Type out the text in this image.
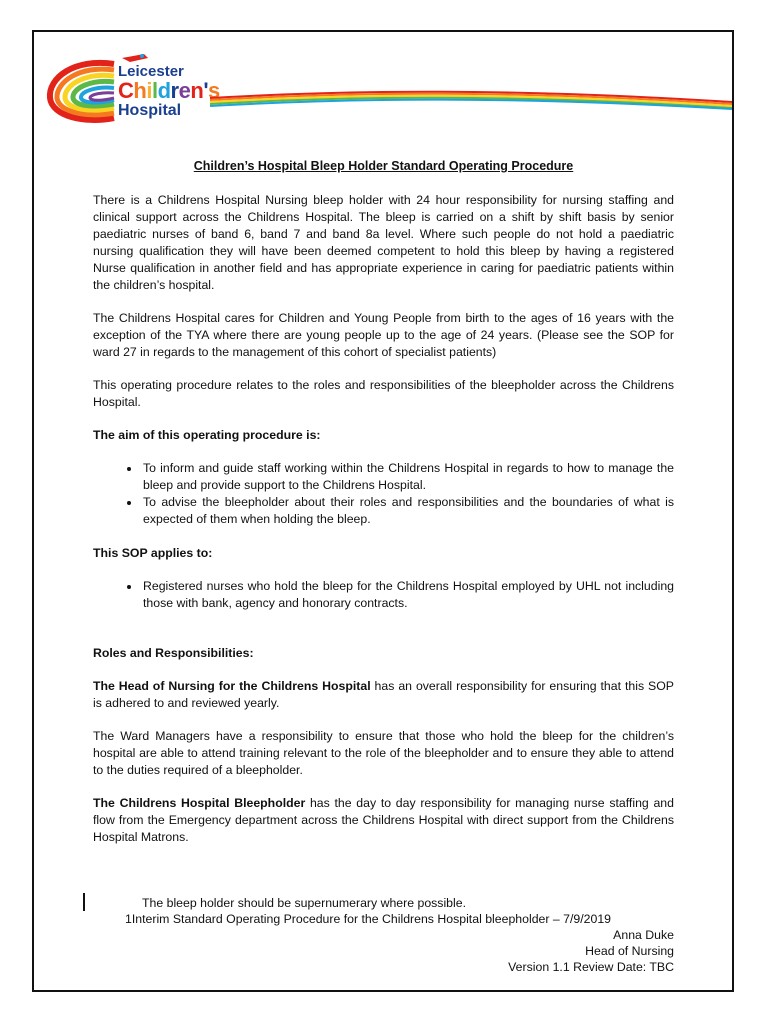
Leicester
Children's
Hospital
Children’s Hospital Bleep Holder Standard Operating Procedure

There is a Childrens Hospital Nursing bleep holder with 24 hour responsibility for nursing staffing and clinical support across the Childrens Hospital. The bleep is carried on a shift by shift basis by senior paediatric nurses of band 6, band 7 and band 8a level. Where such people do not hold a paediatric nursing qualification they will have been deemed competent to hold this bleep by having a registered Nurse qualification in another field and has appropriate experience in caring for paediatric patients within the children’s hospital.

The Childrens Hospital cares for Children and Young People from birth to the ages of 16 years with the exception of the TYA where there are young people up to the age of 24 years. (Please see the SOP for ward 27 in regards to the management of this cohort of specialist patients)

This operating procedure relates to the roles and responsibilities of the bleepholder across the Childrens Hospital.

The aim of this operating procedure is:
• To inform and guide staff working within the Childrens Hospital in regards to how to manage the bleep and provide support to the Childrens Hospital.
• To advise the bleepholder about their roles and responsibilities and the boundaries of what is expected of them when holding the bleep.
This SOP applies to:
• Registered nurses who hold the bleep for the Childrens Hospital employed by UHL not including those with bank, agency and honorary contracts.
Roles and Responsibilities:

The Head of Nursing for the Childrens Hospital has an overall responsibility for ensuring that this SOP is adhered to and reviewed yearly.

The Ward Managers have a responsibility to ensure that those who hold the bleep for the children’s hospital are able to attend training relevant to the role of the bleepholder and to ensure they able to attend to the duties required of a bleepholder.

The Childrens Hospital Bleepholder has the day to day responsibility for managing nurse staffing and flow from the Emergency department across the Childrens Hospital with direct support from the Childrens Hospital Matrons.

The bleep holder should be supernumerary where possible.
1Interim Standard Operating Procedure for the Childrens Hospital bleepholder – 7/9/2019
Anna Duke
Head of Nursing
Version 1.1 Review Date: TBC
